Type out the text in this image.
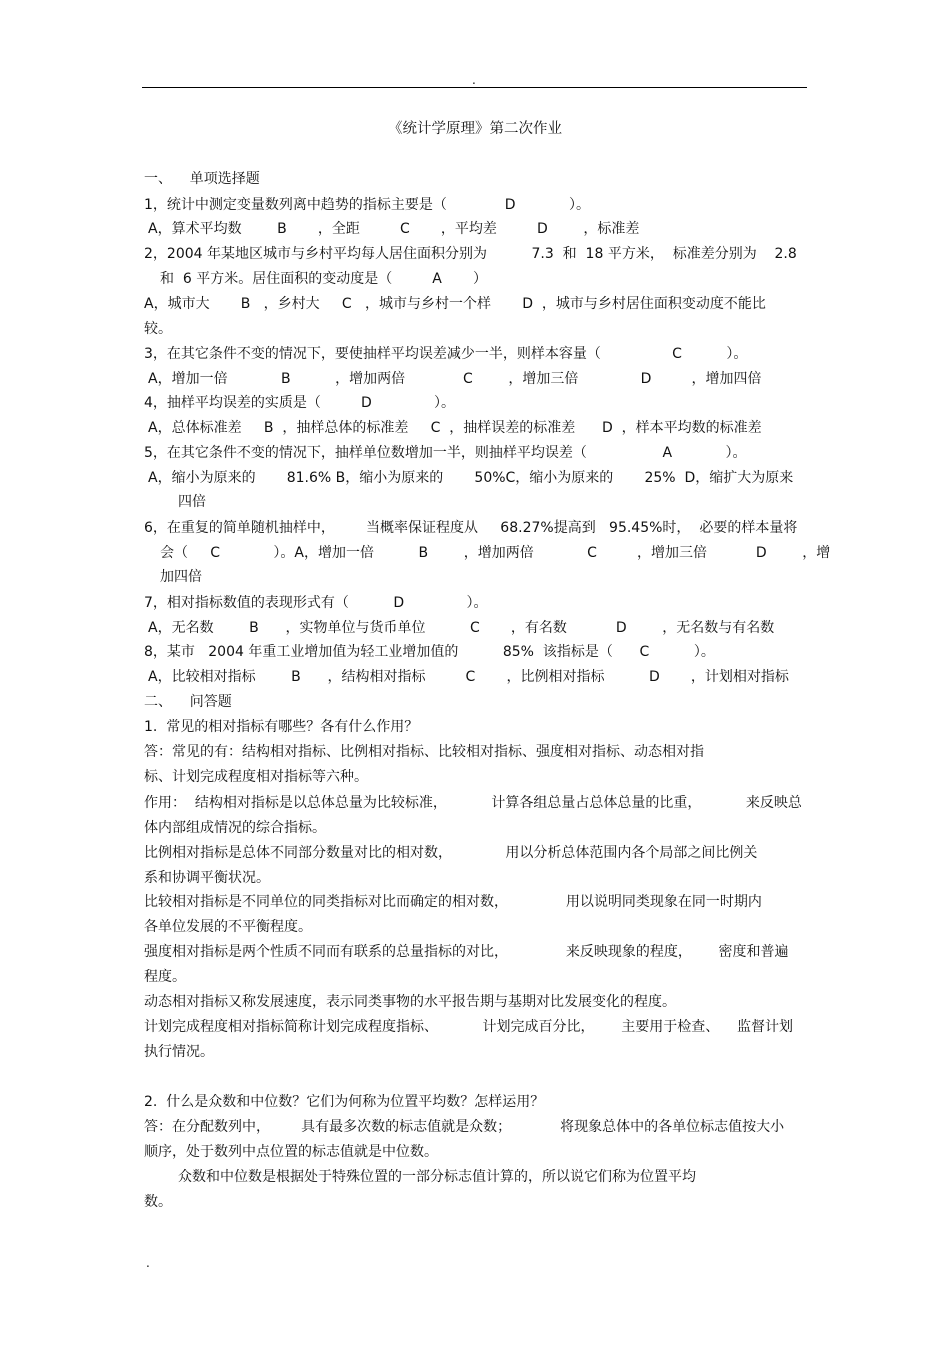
.
《统计学原理》第二次作业
一、    单项选择题
1，统计中测定变量数列离中趋势的指标主要是（             D            ）。
A，算术平均数        B       ，全距         C       ，平均差         D        ，标准差
2，2004 年某地区城市与乡村平均每人居住面积分别为          7.3  和  18 平方米，  标准差分别为    2.8
和  6 平方米。居住面积的变动度是（         A       ）
A，城市大       B   ，乡村大     C   ，城市与乡村一个样       D  ，城市与乡村居住面积变动度不能比
较。
3，在其它条件不变的情况下，要使抽样平均误差减少一半，则样本容量（                C          ）。
A，增加一倍            B          ，增加两倍             C        ，增加三倍              D         ，增加四倍
4，抽样平均误差的实质是（         D              ）。
A，总体标准差     B  ，抽样总体的标准差     C  ，抽样误差的标准差      D  ，样本平均数的标准差
5，在其它条件不变的情况下，抽样单位数增加一半，则抽样平均误差（                 A            ）。
A，缩小为原来的       81.6% B，缩小为原来的       50%C，缩小为原来的       25%  D，缩扩大为原来
四倍
6，在重复的简单随机抽样中，       当概率保证程度从     68.27%提高到   95.45%时，  必要的样本量将
会（     C            ）。A，增加一倍          B        ，增加两倍            C         ，增加三倍           D        ，增
加四倍
7，相对指标数值的表现形式有（          D              ）。
A，无名数        B      ，实物单位与货币单位          C       ，有名数           D        ，无名数与有名数
8，某市   2004 年重工业增加值为轻工业增加值的          85%  该指标是（      C          ）。
A，比较相对指标        B      ，结构相对指标         C       ，比例相对指标          D       ，计划相对指标
二、    问答题
1.  常见的相对指标有哪些？各有什么作用？
答：常见的有：结构相对指标、比例相对指标、比较相对指标、强度相对指标、动态相对指
标、计划完成程度相对指标等六种。
作用：  结构相对指标是以总体总量为比较标准，          计算各组总量占总体总量的比重，          来反映总
体内部组成情况的综合指标。
比例相对指标是总体不同部分数量对比的相对数，            用以分析总体范围内各个局部之间比例关
系和协调平衡状况。
比较相对指标是不同单位的同类指标对比而确定的相对数，             用以说明同类现象在同一时期内
各单位发展的不平衡程度。
强度相对指标是两个性质不同而有联系的总量指标的对比，             来反映现象的程度，      密度和普遍
程度。
动态相对指标又称发展速度，表示同类事物的水平报告期与基期对比发展变化的程度。
计划完成程度相对指标简称计划完成程度指标、          计划完成百分比，      主要用于检查、    监督计划
执行情况。
2.  什么是众数和中位数？它们为何称为位置平均数？怎样运用？
答：在分配数列中，       具有最多次数的标志值就是众数；           将现象总体中的各单位标志值按大小
顺序，处于数列中点位置的标志值就是中位数。
众数和中位数是根据处于特殊位置的一部分标志值计算的，所以说它们称为位置平均
数。
.
